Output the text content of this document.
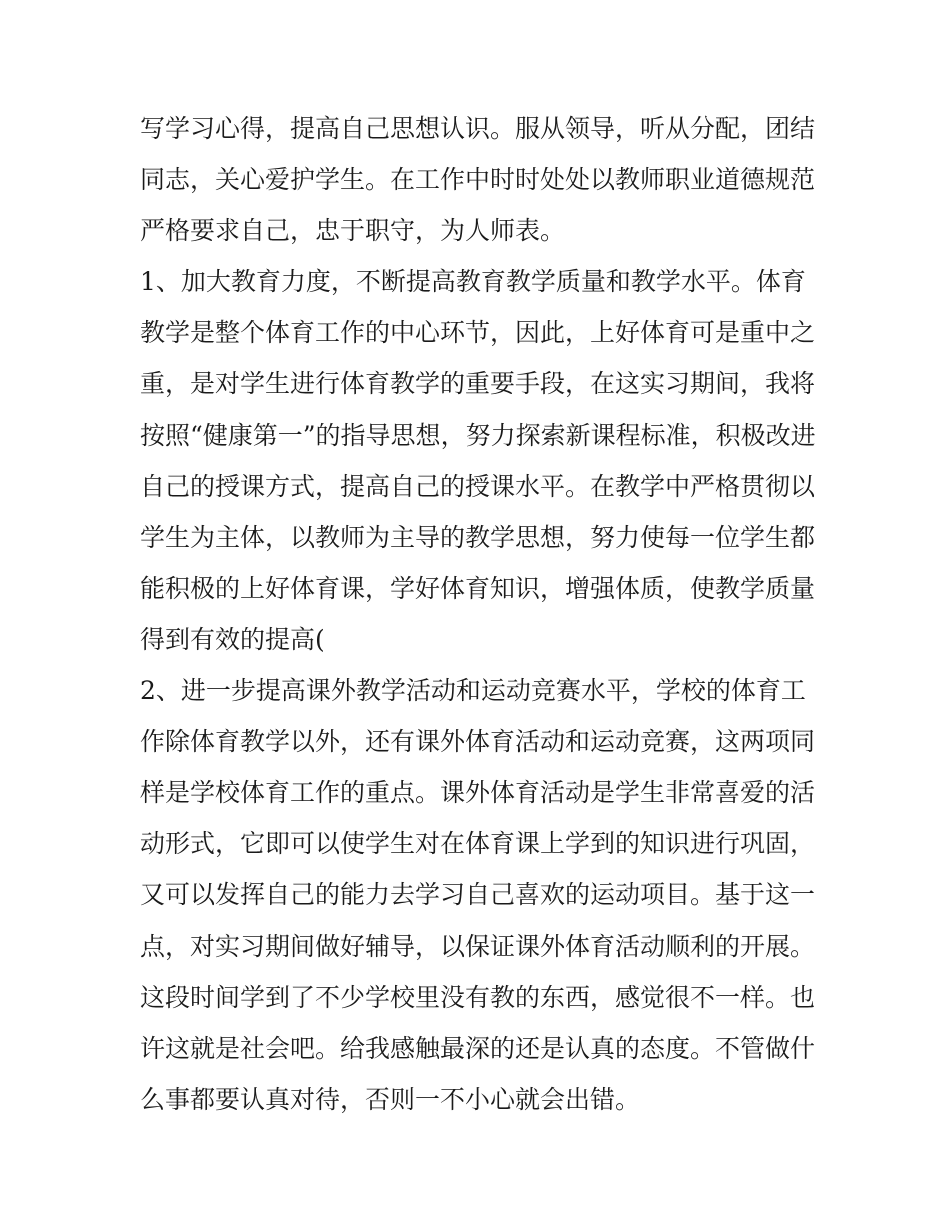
写学习心得，提高自己思想认识。服从领导，听从分配，团结
同志，关心爱护学生。在工作中时时处处以教师职业道德规范
严格要求自己，忠于职守，为人师表。
1、加大教育力度，不断提高教育教学质量和教学水平。体育
教学是整个体育工作的中心环节，因此，上好体育可是重中之
重，是对学生进行体育教学的重要手段，在这实习期间，我将
按照“健康第一”的指导思想，努力探索新课程标准，积极改进
自己的授课方式，提高自己的授课水平。在教学中严格贯彻以
学生为主体，以教师为主导的教学思想，努力使每一位学生都
能积极的上好体育课，学好体育知识，增强体质，使教学质量
得到有效的提高(
2、进一步提高课外教学活动和运动竞赛水平，学校的体育工
作除体育教学以外，还有课外体育活动和运动竞赛，这两项同
样是学校体育工作的重点。课外体育活动是学生非常喜爱的活
动形式，它即可以使学生对在体育课上学到的知识进行巩固，
又可以发挥自己的能力去学习自己喜欢的运动项目。基于这一
点，对实习期间做好辅导，以保证课外体育活动顺利的开展。
这段时间学到了不少学校里没有教的东西，感觉很不一样。也
许这就是社会吧。给我感触最深的还是认真的态度。不管做什
么事都要认真对待，否则一不小心就会出错。
